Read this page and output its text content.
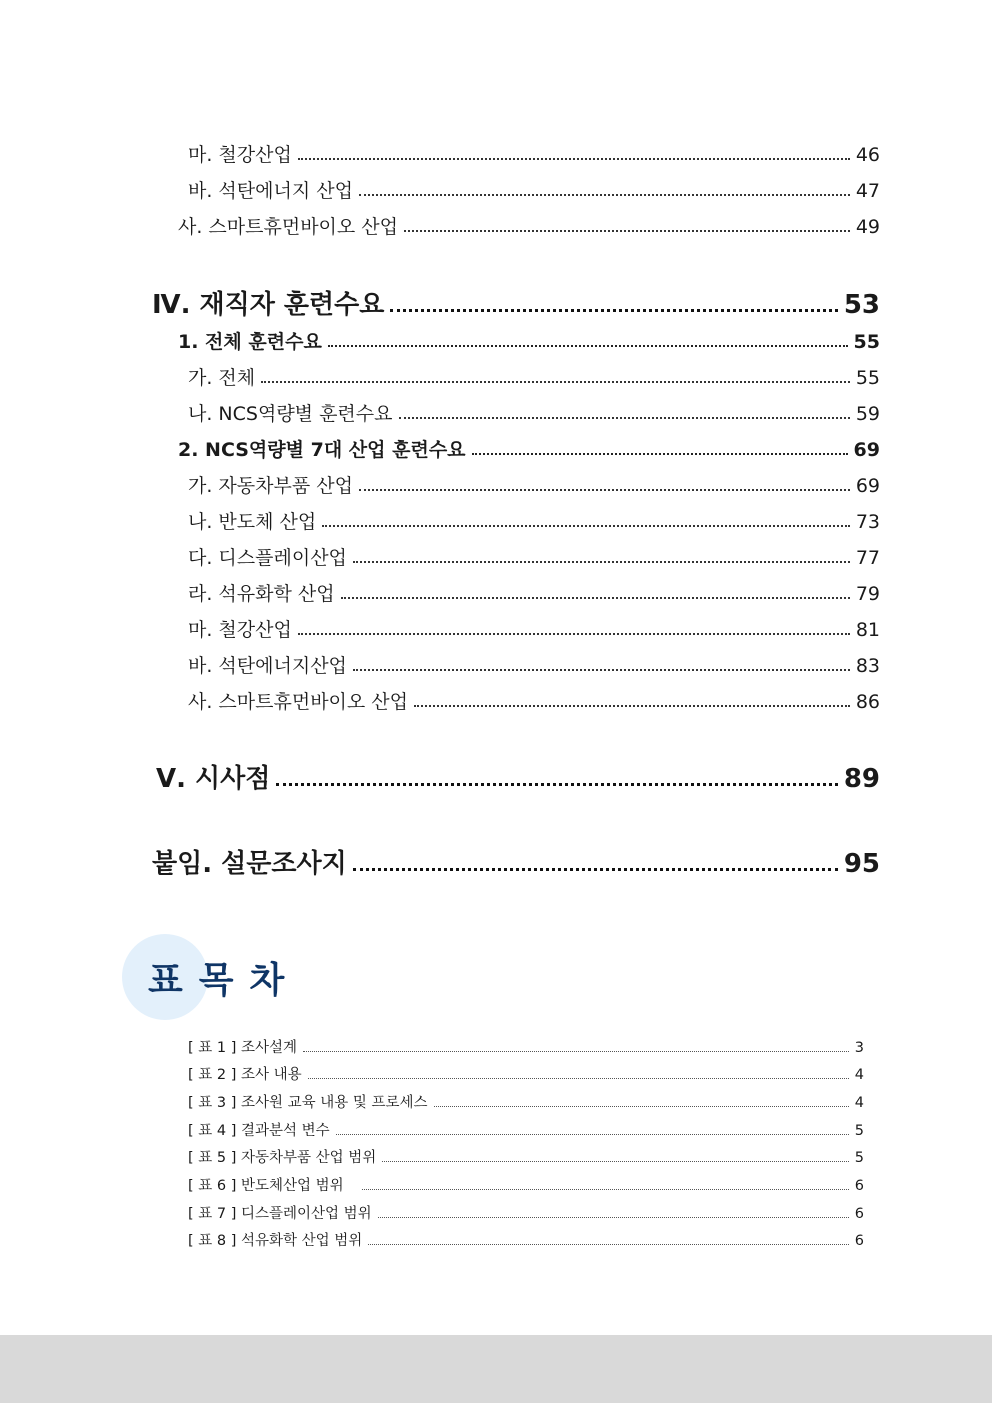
마. 철강산업	46
바. 석탄에너지 산업	47
사. 스마트휴먼바이오 산업	49
Ⅳ. 재직자 훈련수요	53
1. 전체 훈련수요	55
가. 전체	55
나. NCS역량별 훈련수요	59
2. NCS역량별 7대 산업 훈련수요	69
가. 자동차부품 산업	69
나. 반도체 산업	73
다. 디스플레이산업	77
라. 석유화학 산업	79
마. 철강산업	81
바. 석탄에너지산업	83
사. 스마트휴먼바이오 산업	86
Ⅴ. 시사점	89
붙임. 설문조사지	95
표목차
[ 표 1 ] 조사설계	3
[ 표 2 ] 조사 내용	4
[ 표 3 ] 조사원 교육 내용 및 프로세스	4
[ 표 4 ] 결과분석 변수	5
[ 표 5 ] 자동차부품 산업 범위	5
[ 표 6 ] 반도체산업 범위	6
[ 표 7 ] 디스플레이산업 범위	6
[ 표 8 ] 석유화학 산업 범위	6
